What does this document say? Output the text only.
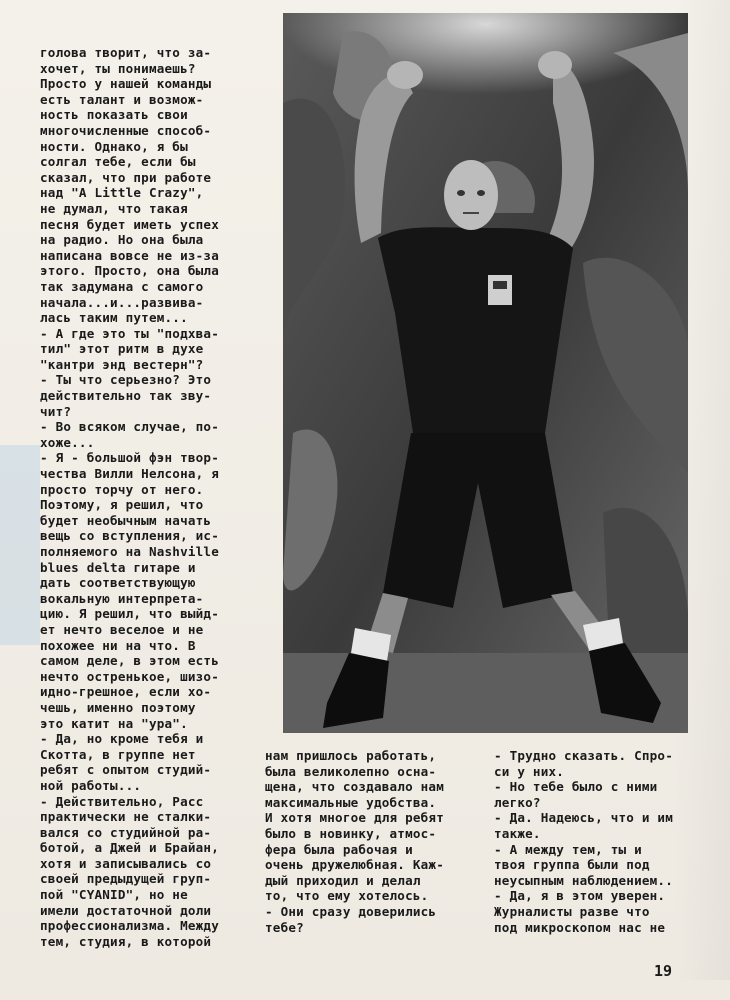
голова творит, что за-

хочет, ты понимаешь?

Просто у нашей команды

есть талант и возмож-

ность показать свои

многочисленные способ-

ности. Однако, я бы

солгал тебе, если бы

сказал, что при работе

над "A Little Crazy",

не думал, что такая

песня будет иметь успех

на радио. Но она была

написана вовсе не из-за

этого. Просто, она была

так задумана с самого

начала...и...развива-

лась таким путем...

- А где это ты "подхва-

тил" этот ритм в духе

"кантри энд вестерн"?

- Ты что серьезно? Это

действительно так зву-

чит?

- Во всяком случае, по-

хоже...

- Я - большой фэн твор-

чества Вилли Нелсона, я

просто торчу от него.

Поэтому, я решил, что

будет необычным начать

вещь со вступления, ис-

полняемого на Nashville

blues delta гитаре и

дать соответствующую

вокальную интерпрета-

цию. Я решил, что выйд-

ет нечто веселое и не

похожее ни на что. В

самом деле, в этом есть

нечто остренькое, шизо-

идно-грешное, если хо-

чешь, именно поэтому

это катит на "ура".

- Да, но кроме тебя и

Скотта, в группе нет

ребят с опытом студий-

ной работы...

- Действительно, Расс

практически не сталки-

вался со студийной ра-

ботой, а Джей и Брайан,

хотя и записывались со

своей предыдущей груп-

пой "CYANID", но не

имели достаточной доли

профессионализма. Между

тем, студия, в которой

нам пришлось работать,

была великолепно осна-

щена, что создавало нам

максимальные удобства.

И хотя многое для ребят

было в новинку, атмос-

фера была рабочая и

очень дружелюбная. Каж-

дый приходил и делал

то, что ему хотелось.

- Они сразу доверились

тебе?

- Трудно сказать. Спро-

си у них.

- Но тебе было с ними

легко?

- Да. Надеюсь, что и им

также.

- А между тем, ты и

твоя группа были под

неусыпным наблюдением..

- Да, я в этом уверен.

Журналисты разве что

под микроскопом нас не

19
